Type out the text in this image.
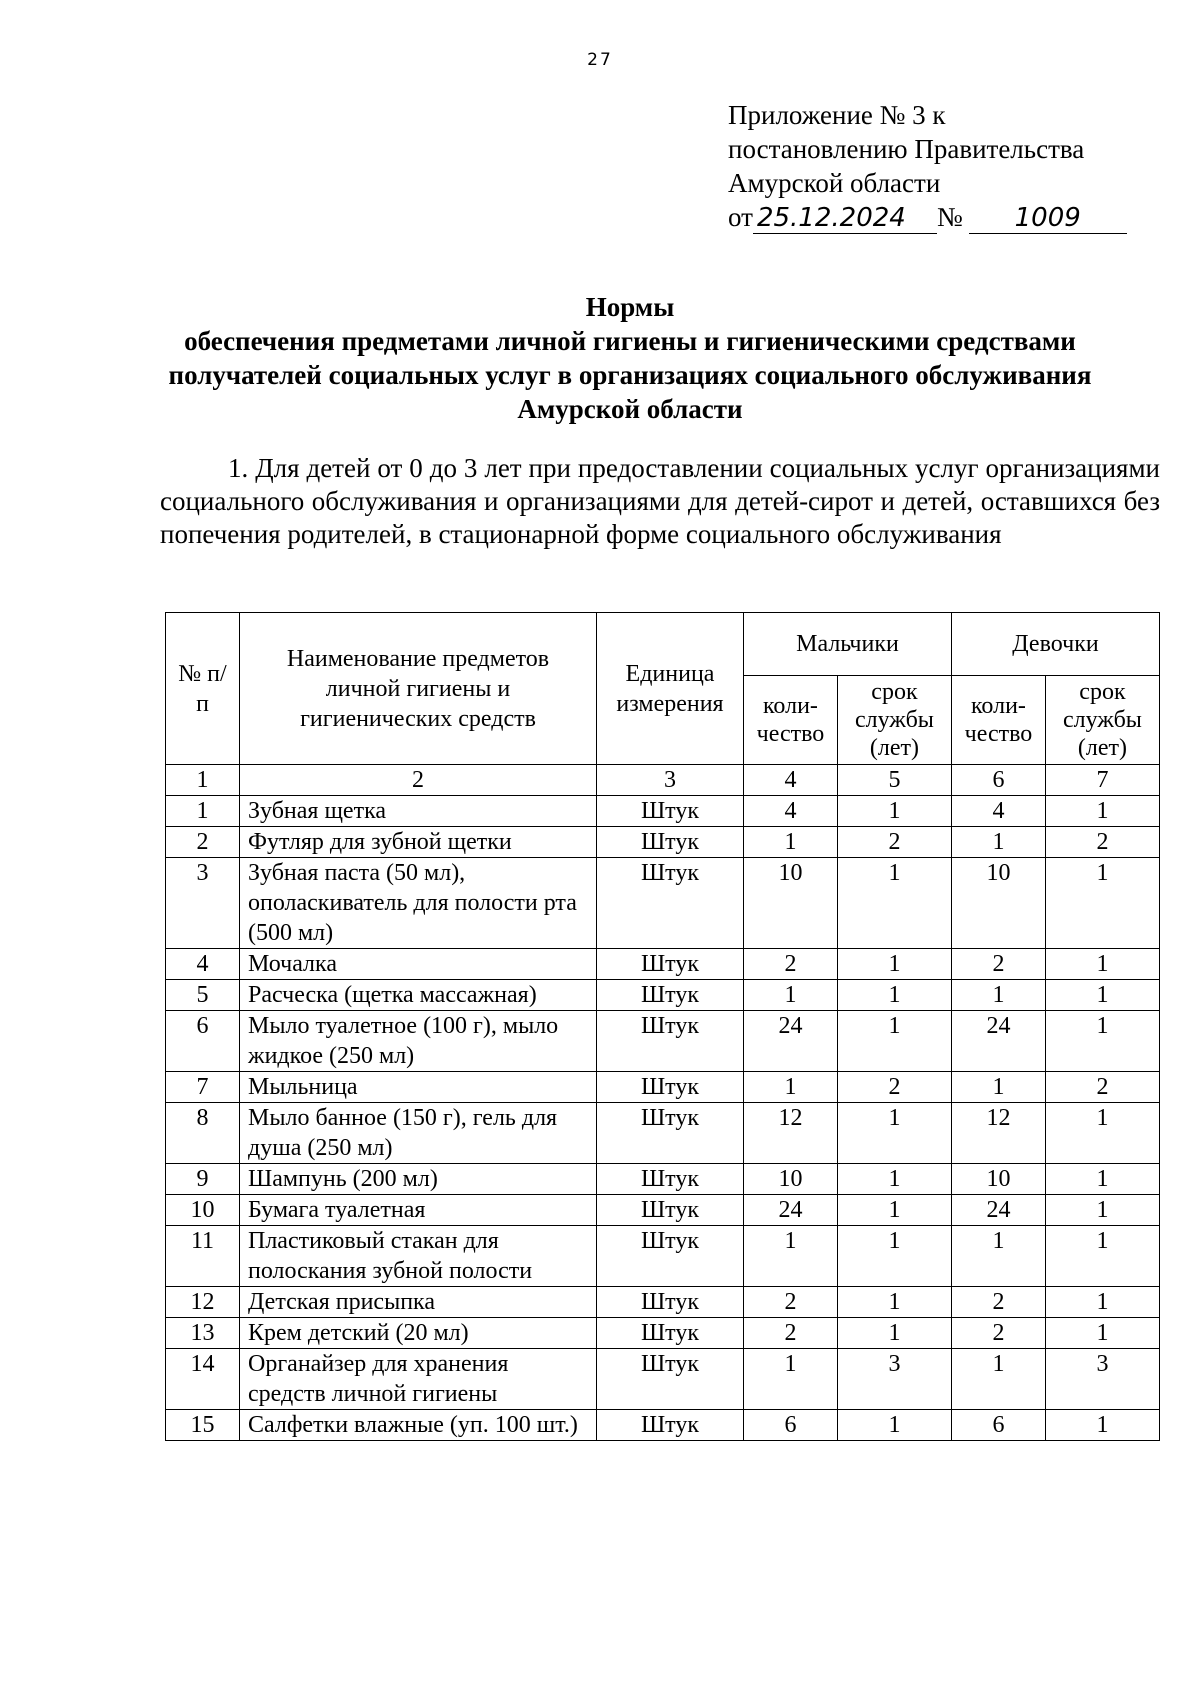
27
Приложение № 3 к
постановлению Правительства
Амурской области
от 25.12.2024	№	1009
Нормы
обеспечения предметами личной гигиены и гигиеническими средствами
получателей социальных услуг в организациях социального обслуживания
Амурской области
1. Для детей от 0 до 3 лет при предоставлении социальных услуг организациями социального обслуживания и организациями для детей-сирот и детей, оставшихся без попечения родителей, в стационарной форме социального обслуживания
№ п/п	Наименование предметов личной гигиены и гигиенических средств	Единица измерения	Мальчики		Девочки	
			коли-чество	срок службы (лет)	коли-чество	срок службы (лет)
1	2	3	4	5	6	7
1	Зубная щетка	Штук	4	1	4	1
2	Футляр для зубной щетки	Штук	1	2	1	2
3	Зубная паста (50 мл), ополаскиватель для полости рта (500 мл)	Штук	10	1	10	1
4	Мочалка	Штук	2	1	2	1
5	Расческа (щетка массажная)	Штук	1	1	1	1
6	Мыло туалетное (100 г), мыло жидкое (250 мл)	Штук	24	1	24	1
7	Мыльница	Штук	1	2	1	2
8	Мыло банное (150 г), гель для душа (250 мл)	Штук	12	1	12	1
9	Шампунь (200 мл)	Штук	10	1	10	1
10	Бумага туалетная	Штук	24	1	24	1
11	Пластиковый стакан для полоскания зубной полости	Штук	1	1	1	1
12	Детская присыпка	Штук	2	1	2	1
13	Крем детский (20 мл)	Штук	2	1	2	1
14	Органайзер для хранения средств личной гигиены	Штук	1	3	1	3
15	Салфетки влажные (уп. 100 шт.)	Штук	6	1	6	1
